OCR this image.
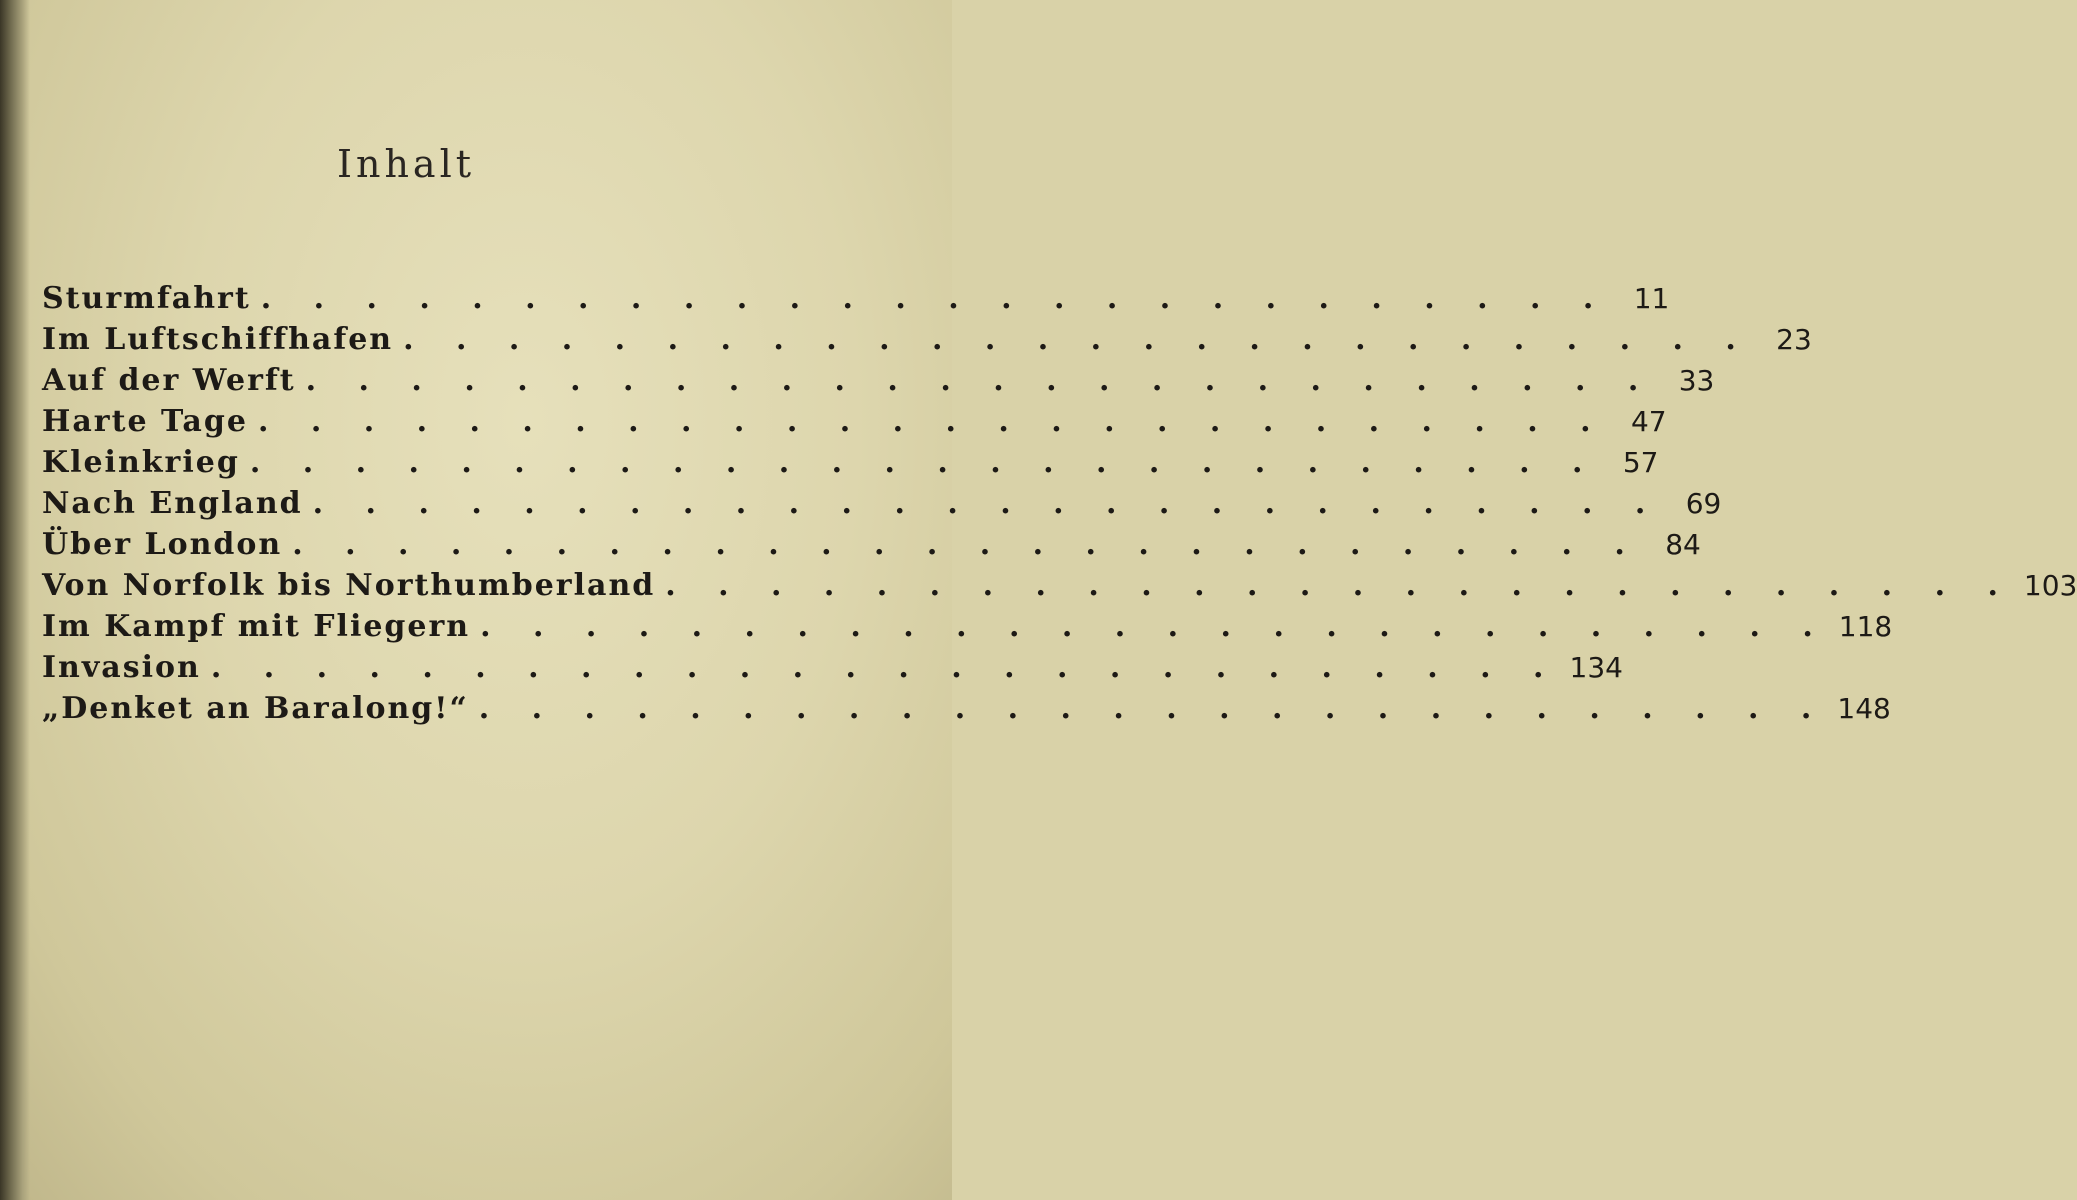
Inhalt
Sturmfahrt . . . . . . . . . . . . . . . . . . . . . . . . . . 11
Im Luftschiffhafen . . . . . . . . . . . . . . . . . . . . . . . . . . 23
Auf der Werft . . . . . . . . . . . . . . . . . . . . . . . . . . 33
Harte Tage . . . . . . . . . . . . . . . . . . . . . . . . . . 47
Kleinkrieg . . . . . . . . . . . . . . . . . . . . . . . . . . 57
Nach England . . . . . . . . . . . . . . . . . . . . . . . . . . 69
Über London . . . . . . . . . . . . . . . . . . . . . . . . . . 84
Von Norfolk bis Northumberland . . . . . . . . . . . . . . . . . . . . . . . . . . 103
Im Kampf mit Fliegern . . . . . . . . . . . . . . . . . . . . . . . . . . 118
Invasion . . . . . . . . . . . . . . . . . . . . . . . . . . 134
„Denket an Baralong!“ . . . . . . . . . . . . . . . . . . . . . . . . . . 148
